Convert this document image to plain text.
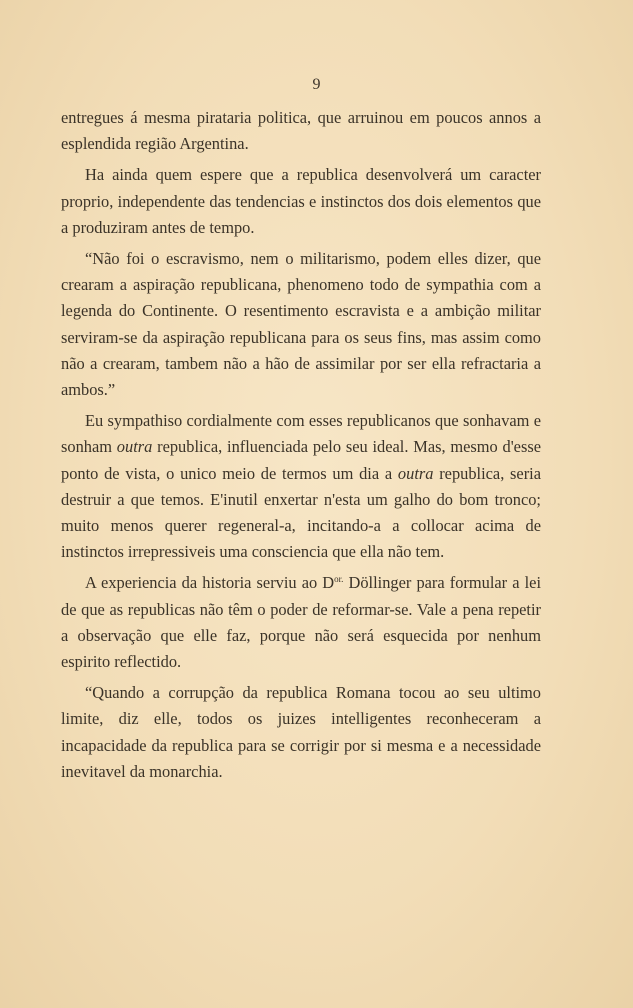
9

entregues á mesma pirataria politica, que arruinou em poucos annos a esplendida região Argentina.

Ha ainda quem espere que a republica desenvolverá um caracter proprio, independente das tendencias e instinctos dos dois elementos que a produziram antes de tempo.

“Não foi o escravismo, nem o militarismo, podem elles dizer, que crearam a aspiração republicana, phenomeno todo de sympathia com a legenda do Continente. O resentimento escravista e a ambição militar serviram-se da aspiração republicana para os seus fins, mas assim como não a crearam, tambem não a hão de assimilar por ser ella refractaria a ambos.”

Eu sympathiso cordialmente com esses republicanos que sonhavam e sonham outra republica, influenciada pelo seu ideal. Mas, mesmo d'esse ponto de vista, o unico meio de termos um dia a outra republica, seria destruir a que temos. E'inutil enxertar n'esta um galho do bom tronco; muito menos querer regeneral-a, incitando-a a collocar acima de instinctos irrepressiveis uma consciencia que ella não tem.

A experiencia da historia serviu ao $D^{or.}$ Döllinger para formular a lei de que as republicas não têm o poder de reformar-se. Vale a pena repetir a observação que elle faz, porque não será esquecida por nenhum espirito reflectido.

“Quando a corrupção da republica Romana tocou ao seu ultimo limite, diz elle, todos os juizes intelligentes reconheceram a incapacidade da republica para se corrigir por si mesma e a necessidade inevitavel da monarchia.
